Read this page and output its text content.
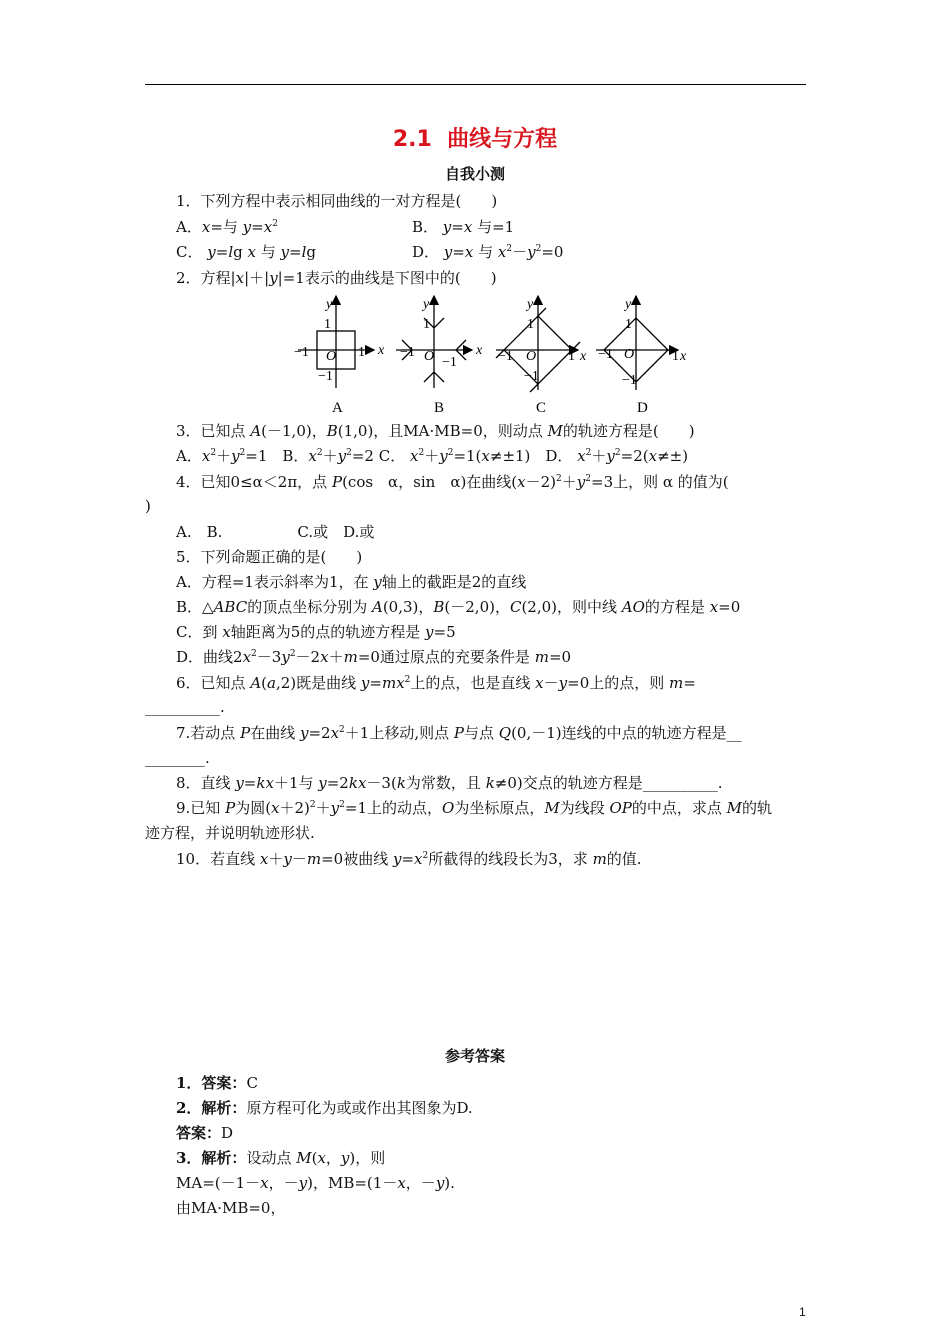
2.1  曲线与方程
自我小测
1．下列方程中表示相同曲线的一对方程是(　　)
A．x=与 $y=x^2$	B． y=x 与=1
C． y=lg x 与 y=lg	D． y=x 与 $x^2-y^2=0$
2．方程|x|＋|y|=1表示的曲线是下图中的(　　)
y
x
1
−1 O 1
−1
y
x
1
−1 O −1
y
x
1
−1 O 1
−1
y
x
1
−1 O	1
−1
A	B	C	D
3．已知点 A(－1,0)，B(1,0)，且MA·MB=0，则动点 M的轨迹方程是(　　)
A．$x^2+y^2=1$　B．$x^2+y^2=2$ C． $x^2+y^2=1(x\ne\pm 1)$　D． $x^2+y^2=2(x\ne\pm)$
4．已知0≤α＜2π，点 P(cos　α，sin　α)在曲线$(x-2)^2+y^2=3$上，则 α 的值为(
)
A.　B.　　　　　C.或　D.或
5．下列命题正确的是(　　)
A．方程=1表示斜率为1，在 y轴上的截距是2的直线
B．△ABC的顶点坐标分别为 A(0,3)，B(－2,0)，C(2,0)，则中线 AO的方程是 x=0
C．到 x轴距离为5的点的轨迹方程是 y=5
D．曲线$2x^2-3y^2-2x+m=0$通过原点的充要条件是 m=0
6．已知点 A(a,2)既是曲线 $y=mx^2$上的点，也是直线 x－y=0上的点，则 m=
__________.
7.若动点 P在曲线 $y=2x^2+1$上移动,则点 P与点 Q(0,－1)连线的中点的轨迹方程是__
________.
8．直线 y=kx＋1与 y=2kx－3(k为常数，且 k≠0)交点的轨迹方程是__________.
9.已知 P为圆$(x+2)^2+y^2=1$上的动点，O为坐标原点，M为线段 OP的中点，求点 M的轨
迹方程，并说明轨迹形状.
10．若直线 x＋y－m=0被曲线 $y=x^2$所截得的线段长为3，求 m的值.
参考答案
1．答案：C
2．解析：原方程可化为或或作出其图象为D.
答案：D
3．解析：设动点 M(x，y)，则
MA=(－1－x，－y)，MB=(1－x，－y).
由MA·MB=0，
1
